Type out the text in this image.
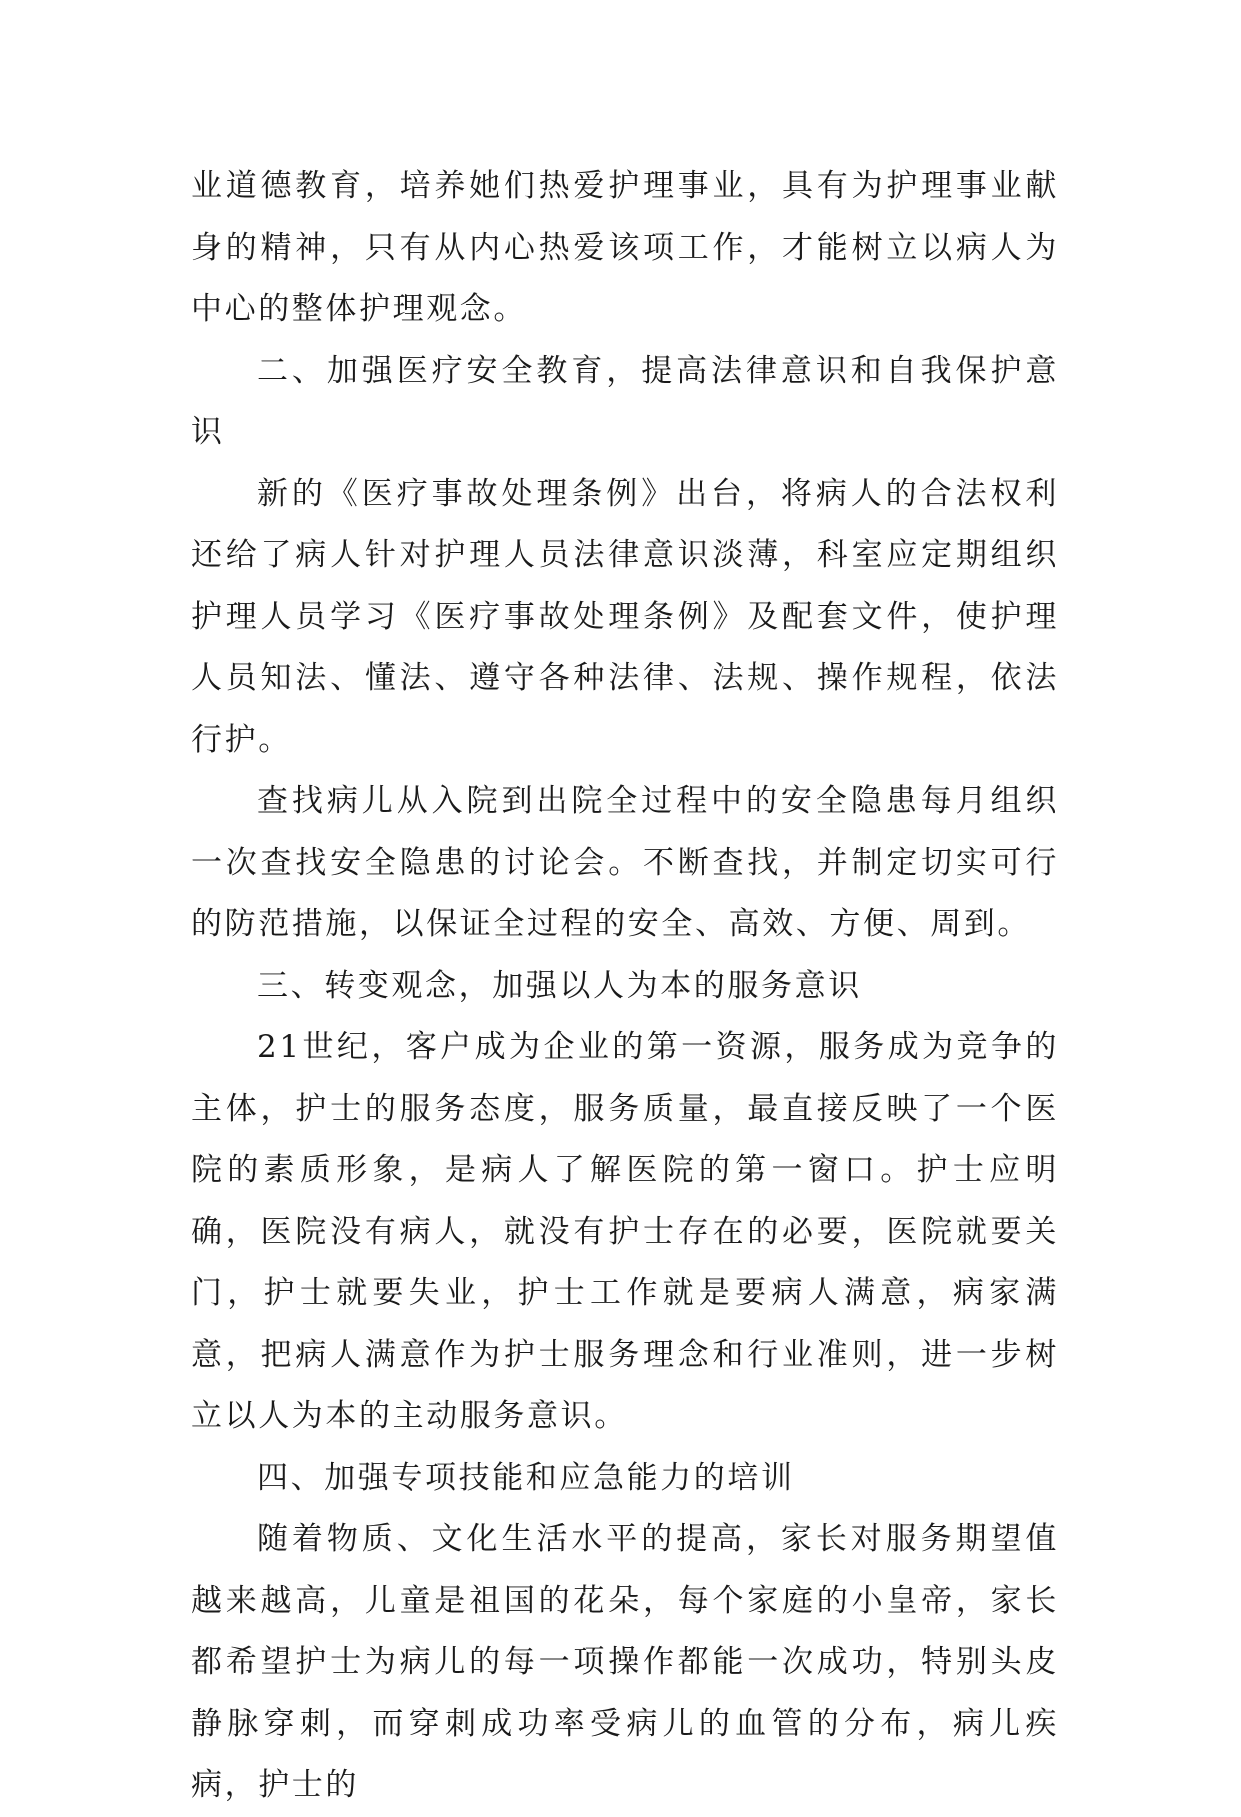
业道德教育，培养她们热爱护理事业，具有为护理事业献身的精神，只有从内心热爱该项工作，才能树立以病人为中心的整体护理观念。

二、加强医疗安全教育，提高法律意识和自我保护意识

新的《医疗事故处理条例》出台，将病人的合法权利还给了病人针对护理人员法律意识淡薄，科室应定期组织护理人员学习《医疗事故处理条例》及配套文件，使护理人员知法、懂法、遵守各种法律、法规、操作规程，依法行护。

查找病儿从入院到出院全过程中的安全隐患每月组织一次查找安全隐患的讨论会。不断查找，并制定切实可行的防范措施，以保证全过程的安全、高效、方便、周到。

三、转变观念，加强以人为本的服务意识

21世纪，客户成为企业的第一资源，服务成为竞争的主体，护士的服务态度，服务质量，最直接反映了一个医院的素质形象，是病人了解医院的第一窗口。护士应明确，医院没有病人，就没有护士存在的必要，医院就要关门，护士就要失业，护士工作就是要病人满意，病家满意，把病人满意作为护士服务理念和行业准则，进一步树立以人为本的主动服务意识。

四、加强专项技能和应急能力的培训

随着物质、文化生活水平的提高，家长对服务期望值越来越高，儿童是祖国的花朵，每个家庭的小皇帝，家长都希望护士为病儿的每一项操作都能一次成功，特别头皮静脉穿刺，而穿刺成功率受病儿的血管的分布，病儿疾病，护士的
